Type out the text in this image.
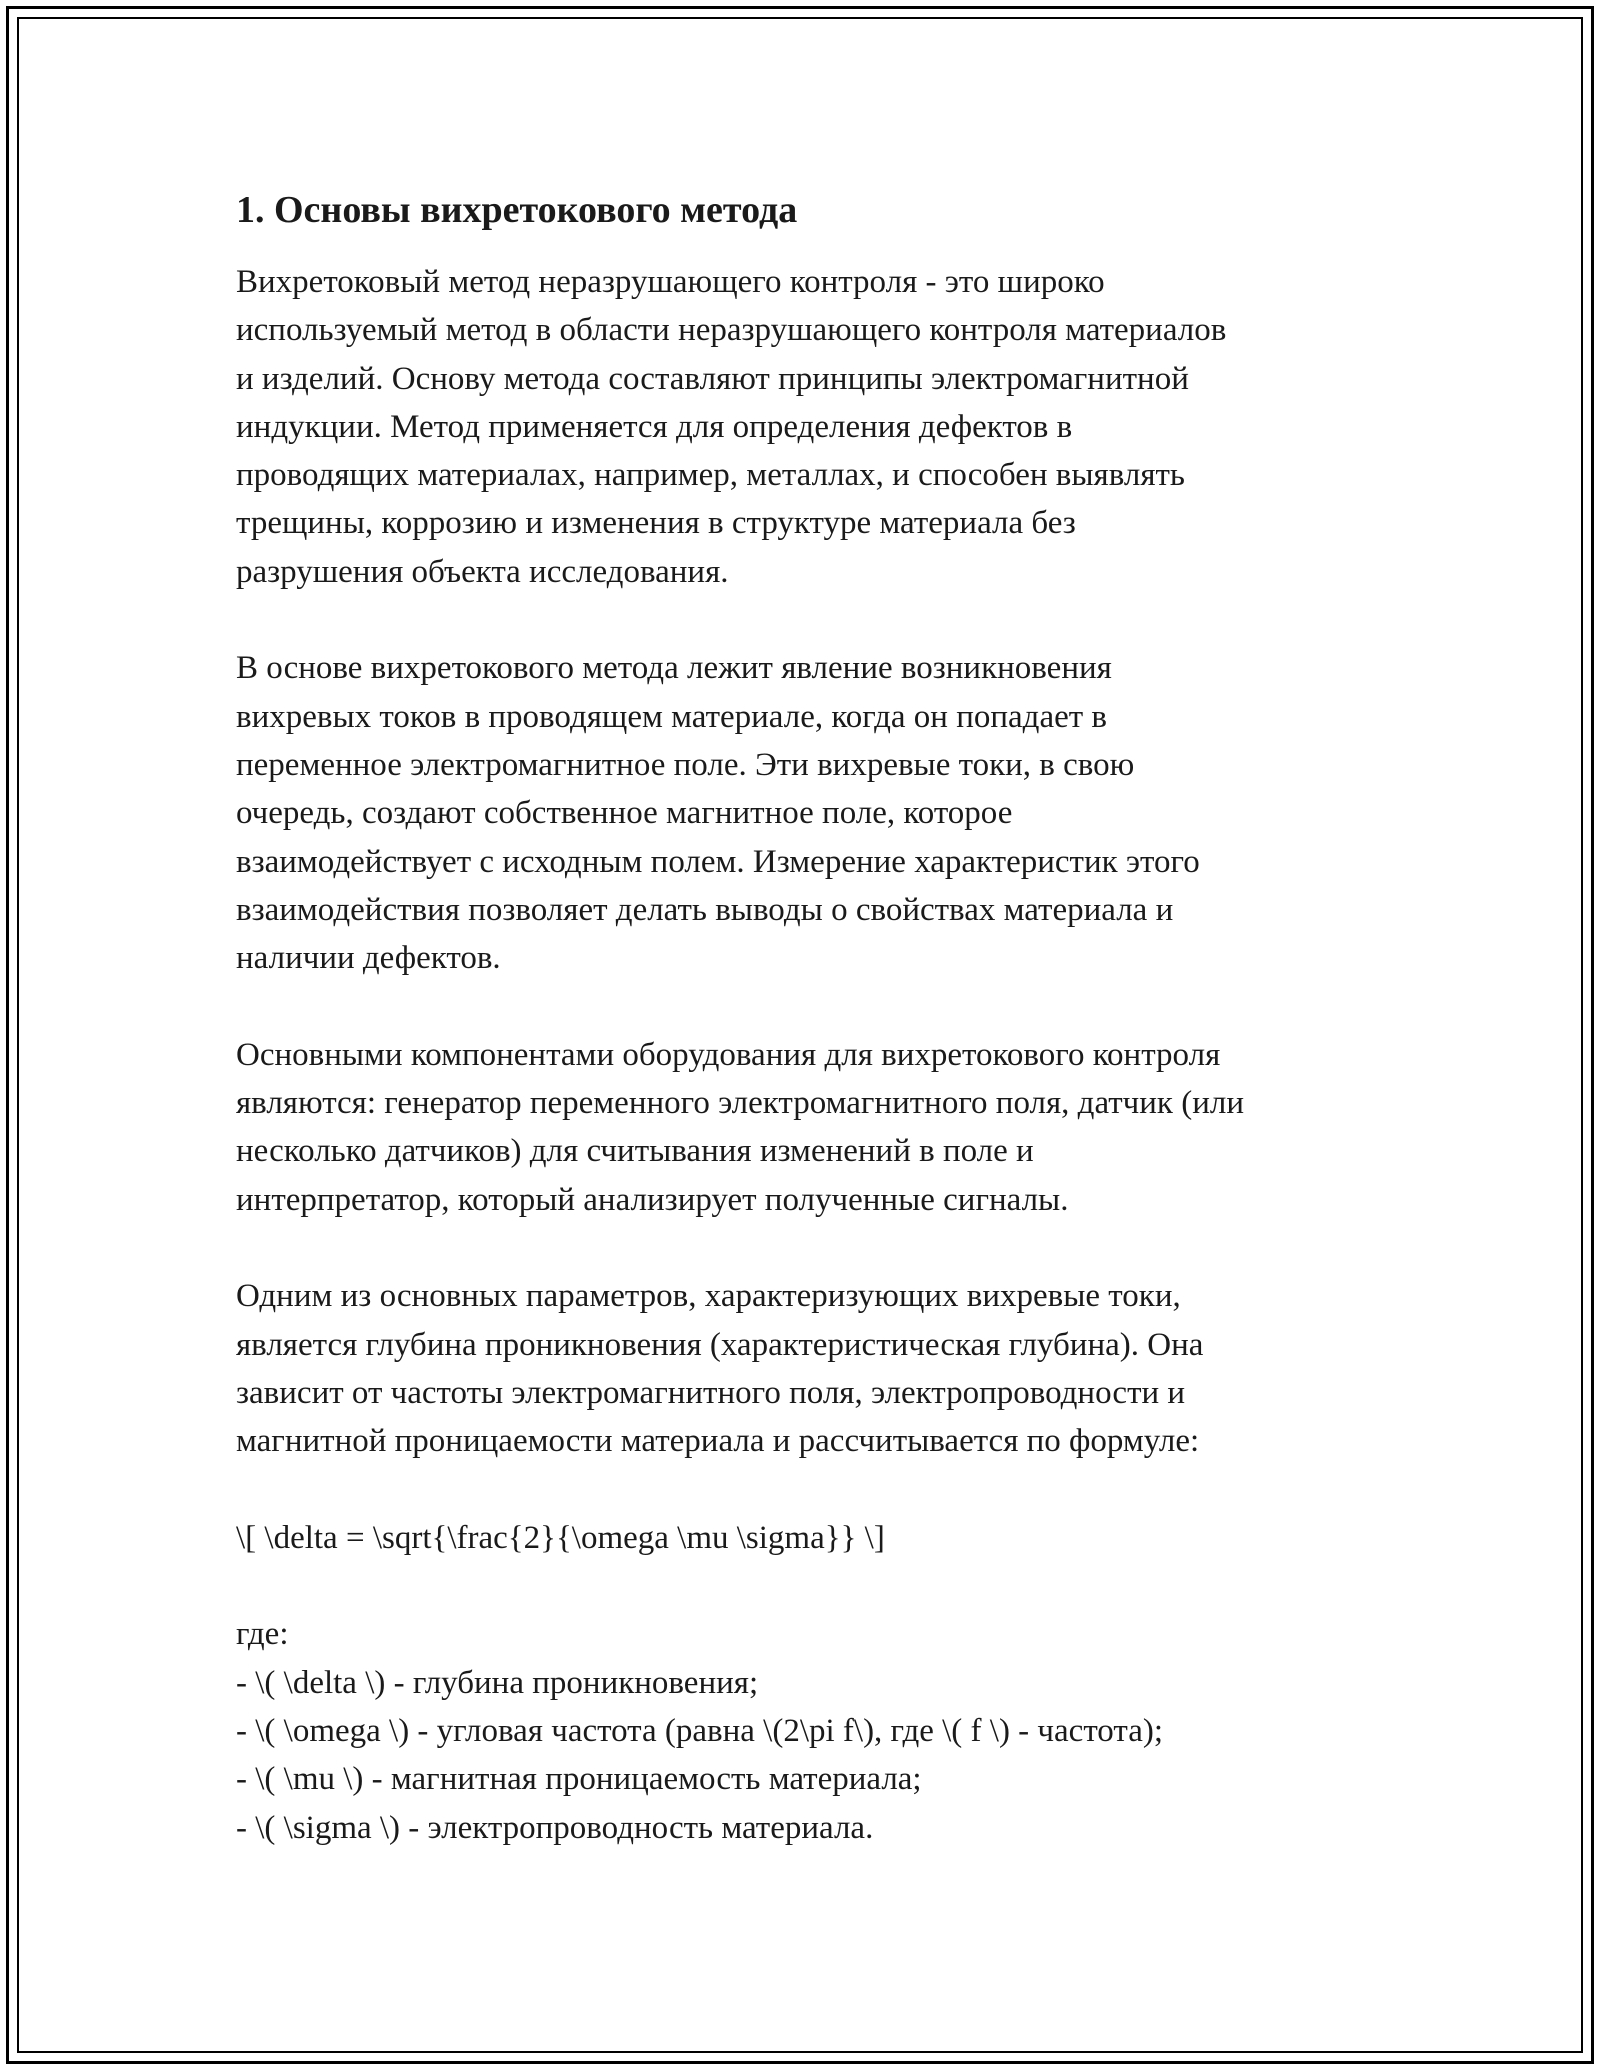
1. Основы вихретокового метода
Вихретоковый метод неразрушающего контроля - это широко
используемый метод в области неразрушающего контроля материалов
и изделий. Основу метода составляют принципы электромагнитной
индукции. Метод применяется для определения дефектов в
проводящих материалах, например, металлах, и способен выявлять
трещины, коррозию и изменения в структуре материала без
разрушения объекта исследования.
В основе вихретокового метода лежит явление возникновения
вихревых токов в проводящем материале, когда он попадает в
переменное электромагнитное поле. Эти вихревые токи, в свою
очередь, создают собственное магнитное поле, которое
взаимодействует с исходным полем. Измерение характеристик этого
взаимодействия позволяет делать выводы о свойствах материала и
наличии дефектов.
Основными компонентами оборудования для вихретокового контроля
являются: генератор переменного электромагнитного поля, датчик (или
несколько датчиков) для считывания изменений в поле и
интерпретатор, который анализирует полученные сигналы.
Одним из основных параметров, характеризующих вихревые токи,
является глубина проникновения (характеристическая глубина). Она
зависит от частоты электромагнитного поля, электропроводности и
магнитной проницаемости материала и рассчитывается по формуле:
\[ \delta = \sqrt{\frac{2}{\omega \mu \sigma}} \]
где:
- \( \delta \) - глубина проникновения;
- \( \omega \) - угловая частота (равна \(2\pi f\), где \( f \) - частота);
- \( \mu \) - магнитная проницаемость материала;
- \( \sigma \) - электропроводность материала.
